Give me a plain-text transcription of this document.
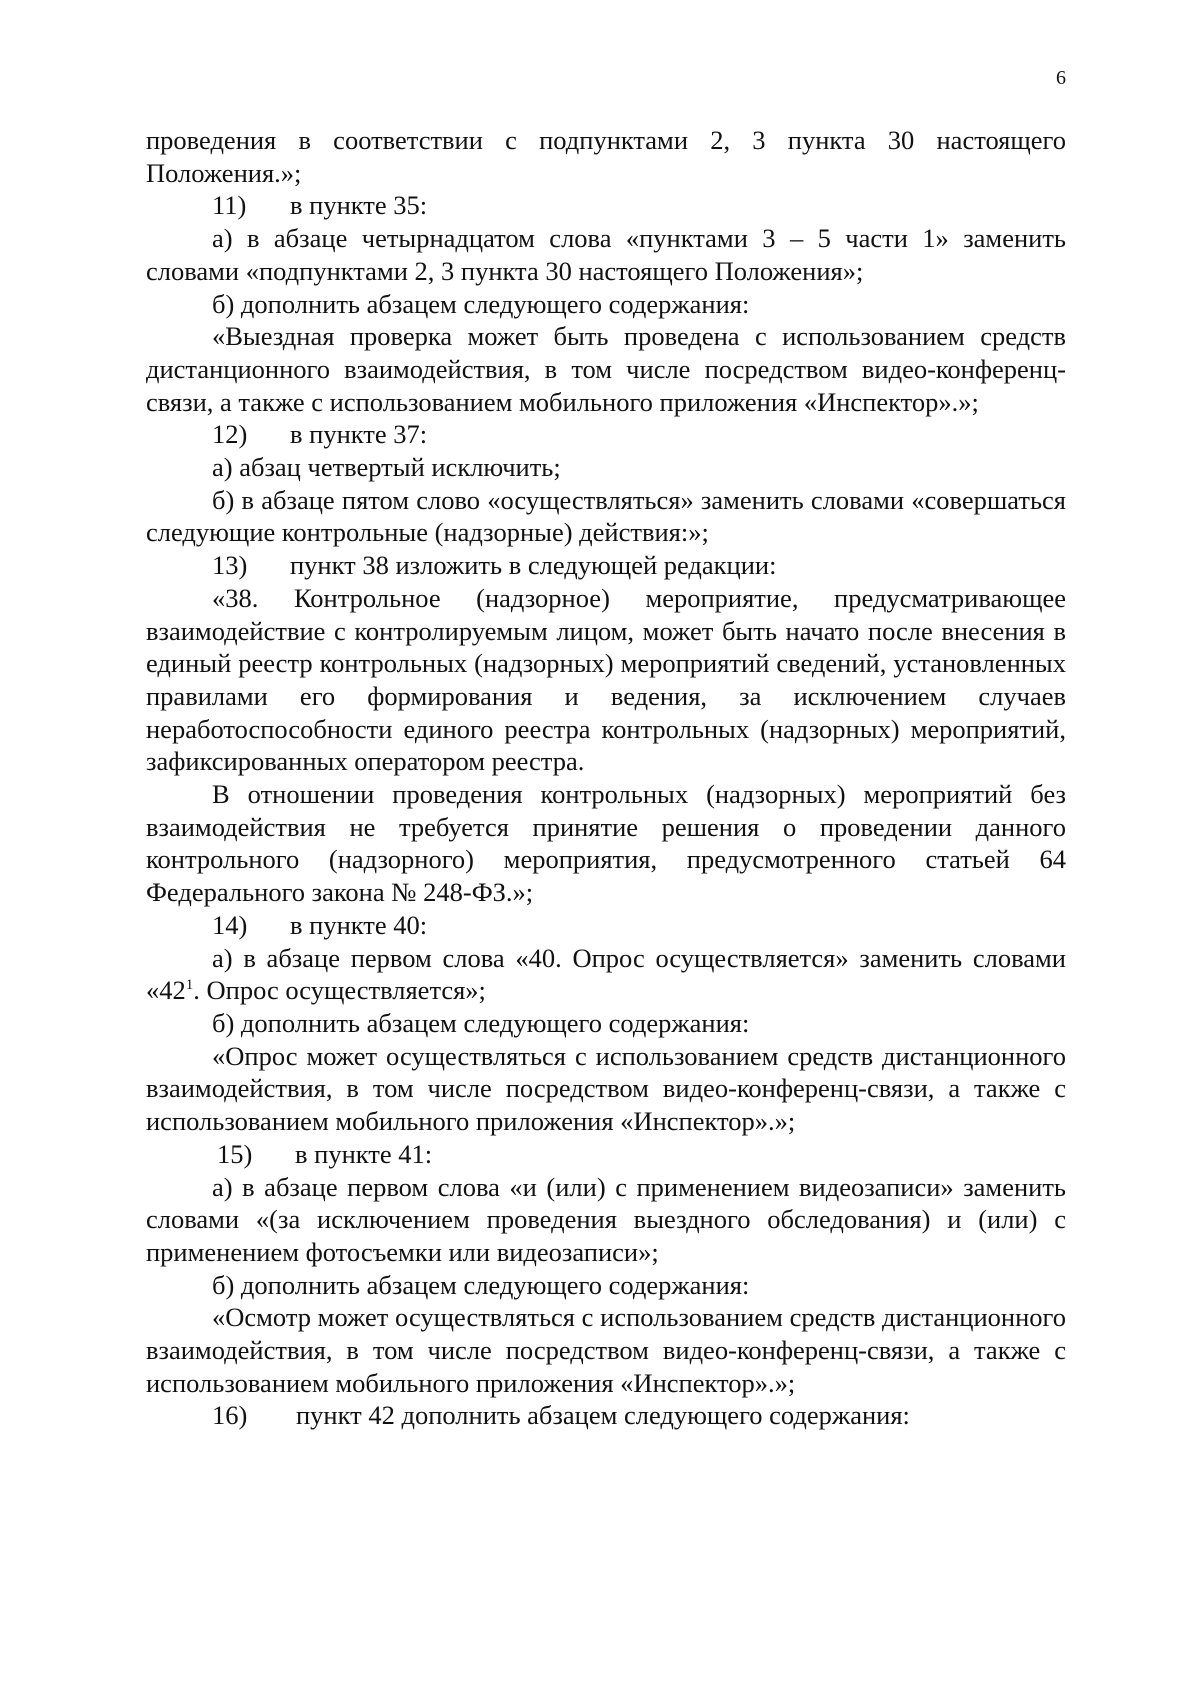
6

проведения в соответствии с подпунктами 2, 3 пункта 30 настоящего Положения.»;

11)	в пункте 35:

а) в абзаце четырнадцатом слова «пунктами 3 – 5 части 1» заменить словами «подпунктами 2, 3 пункта 30 настоящего Положения»;

б) дополнить абзацем следующего содержания:

«Выездная проверка может быть проведена с использованием средств дистанционного взаимодействия, в том числе посредством видео-конференц-связи, а также с использованием мобильного приложения «Инспектор».»;

12)	в пункте 37:

а) абзац четвертый исключить;

б) в абзаце пятом слово «осуществляться» заменить словами «совершаться следующие контрольные (надзорные) действия:»;

13)	пункт 38 изложить в следующей редакции:

«38. Контрольное (надзорное) мероприятие, предусматривающее взаимодействие с контролируемым лицом, может быть начато после внесения в единый реестр контрольных (надзорных) мероприятий сведений, установленных правилами его формирования и ведения, за исключением случаев неработоспособности единого реестра контрольных (надзорных) мероприятий, зафиксированных оператором реестра.

В отношении проведения контрольных (надзорных) мероприятий без взаимодействия не требуется принятие решения о проведении данного контрольного (надзорного) мероприятия, предусмотренного статьей 64 Федерального закона № 248-ФЗ.»;

14)	в пункте 40:

а) в абзаце первом слова «40. Опрос осуществляется» заменить словами «$42^1$. Опрос осуществляется»;

б) дополнить абзацем следующего содержания:

«Опрос может осуществляться с использованием средств дистанционного взаимодействия, в том числе посредством видео-конференц-связи, а также с использованием мобильного приложения «Инспектор».»;

15)	в пункте 41:

а) в абзаце первом слова «и (или) с применением видеозаписи» заменить словами «(за исключением проведения выездного обследования) и (или) с применением фотосъемки или видеозаписи»;

б) дополнить абзацем следующего содержания:

«Осмотр может осуществляться с использованием средств дистанционного взаимодействия, в том числе посредством видео-конференц-связи, а также с использованием мобильного приложения «Инспектор».»;

16)	пункт 42 дополнить абзацем следующего содержания:
